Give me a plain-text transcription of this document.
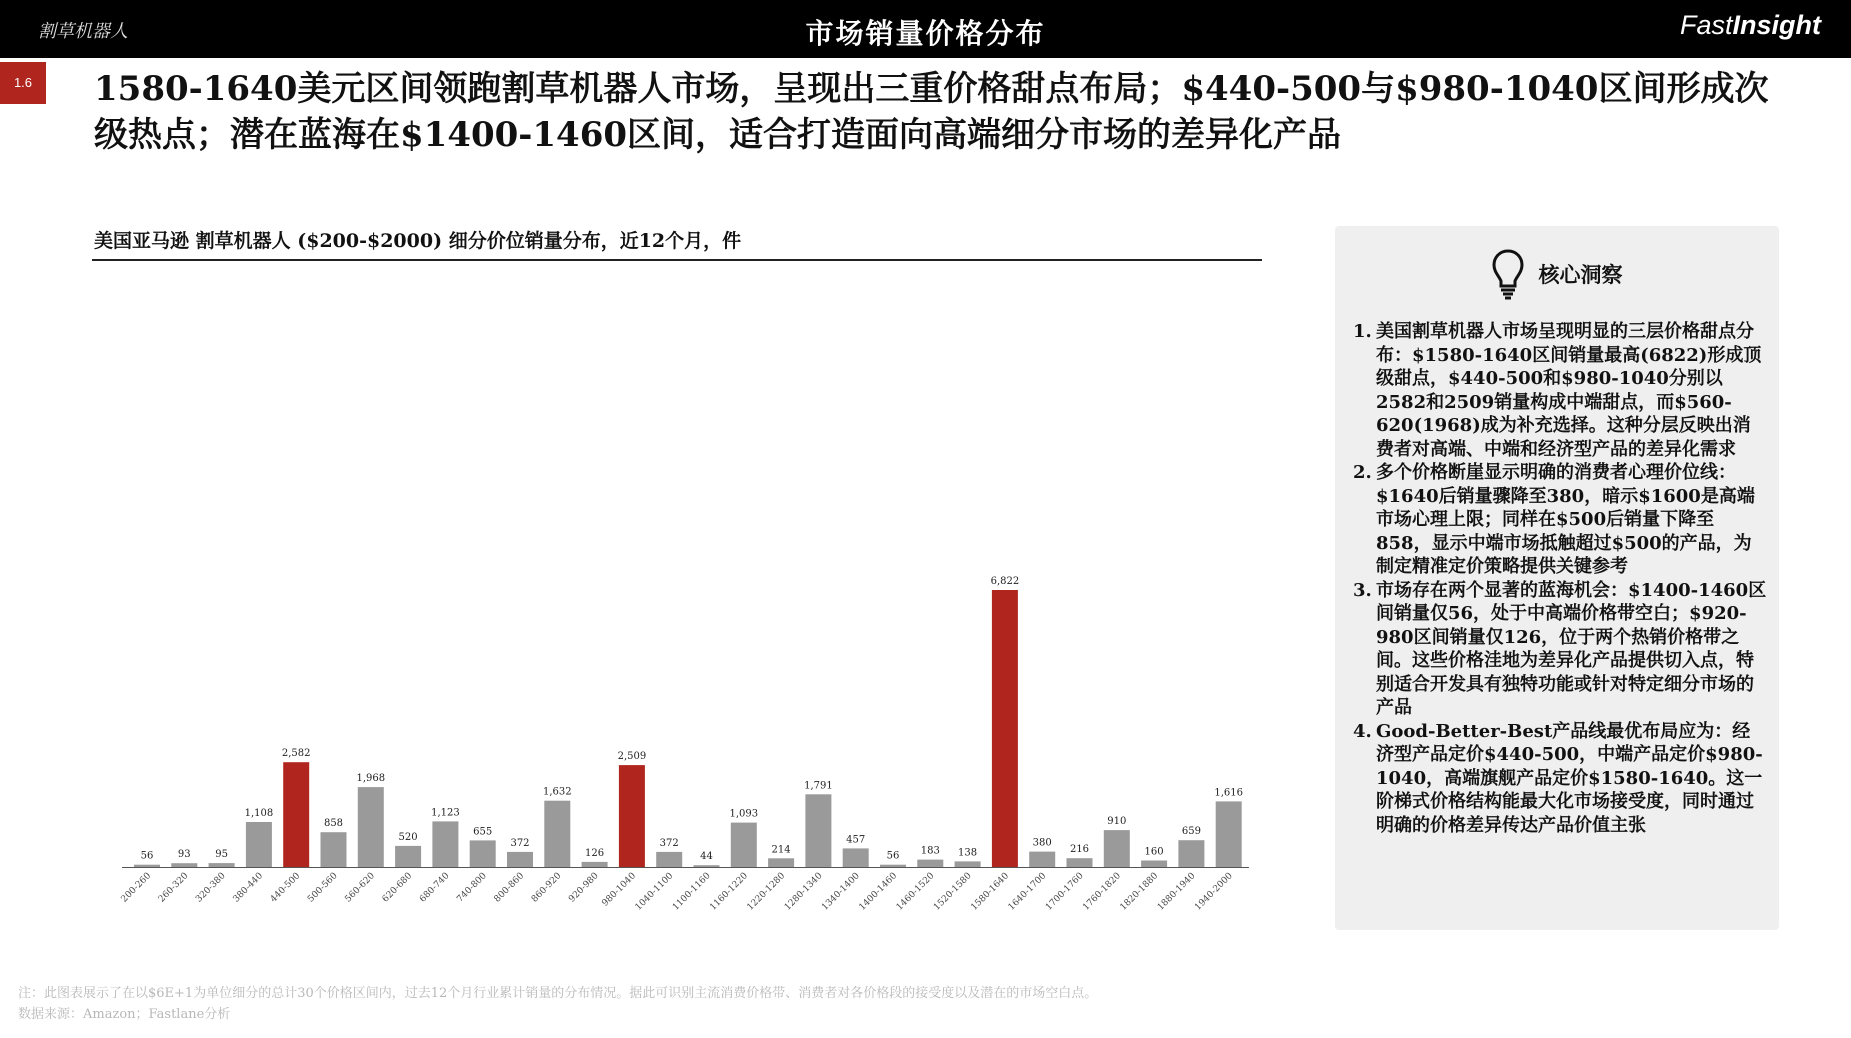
割草机器人	市场销量价格分布	FastInsight
1.6	1580-1640美元区间领跑割草机器人市场，呈现出三重价格甜点布局；$440-500与$980-1040区间形成次级热点；潜在蓝海在$1400-1460区间，适合打造面向高端细分市场的差异化产品
美国亚马逊 割草机器人 ($200-$2000) 细分价位销量分布，近12个月，件
56
200-260
93
260-320
95
320-380
1,108
380-440
2,582
440-500
858
500-560
1,968
560-620
520
620-680
1,123
680-740
655
740-800
372
800-860
1,632
860-920
126
920-980
2,509
980-1040
372
1040-1100
44
1100-1160
1,093
1160-1220
214
1220-1280
1,791
1280-1340
457
1340-1400
56
1400-1460
183
1460-1520
138
1520-1580
6,822
1580-1640
380
1640-1700
216
1700-1760
910
1760-1820
160
1820-1880
659
1880-1940
1,616
1940-2000
核心洞察
1. 美国割草机器人市场呈现明显的三层价格甜点分布：$1580-1640区间销量最高(6822)形成顶级甜点，$440-500和$980-1040分别以2582和2509销量构成中端甜点，而$560-620(1968)成为补充选择。这种分层反映出消费者对高端、中端和经济型产品的差异化需求
2. 多个价格断崖显示明确的消费者心理价位线：$1640后销量骤降至380，暗示$1600是高端市场心理上限；同样在$500后销量下降至858，显示中端市场抵触超过$500的产品，为制定精准定价策略提供关键参考
3. 市场存在两个显著的蓝海机会：$1400-1460区间销量仅56，处于中高端价格带空白；$920-980区间销量仅126，位于两个热销价格带之间。这些价格洼地为差异化产品提供切入点，特别适合开发具有独特功能或针对特定细分市场的产品
4. Good-Better-Best产品线最优布局应为：经济型产品定价$440-500，中端产品定价$980-1040，高端旗舰产品定价$1580-1640。这一阶梯式价格结构能最大化市场接受度，同时通过明确的价格差异传达产品价值主张
注：此图表展示了在以$6E+1为单位细分的总计30个价格区间内，过去12个月行业累计销量的分布情况。据此可识别主流消费价格带、消费者对各价格段的接受度以及潜在的市场空白点。
数据来源：Amazon；Fastlane分析
